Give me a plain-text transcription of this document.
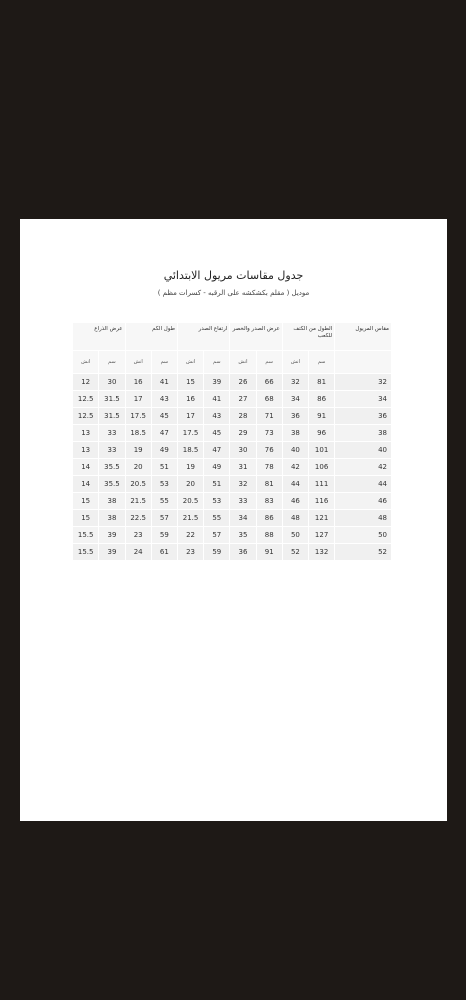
جدول مقاسات مريول الابتدائي
موديل ( مقلم بكشكشه على الرقبه - كسرات مظم )
مقاس المريول	الطول من الكتف للكعب		عرض الصدر والخصر		ارتفاع الصدر		طول الكم		عرض الذراع	
	سم	انش	سم	انش	سم	انش	سم	انش	سم	انش
32	81	32	66	26	39	15	41	16	30	12
34	86	34	68	27	41	16	43	17	31.5	12.5
36	91	36	71	28	43	17	45	17.5	31.5	12.5
38	96	38	73	29	45	17.5	47	18.5	33	13
40	101	40	76	30	47	18.5	49	19	33	13
42	106	42	78	31	49	19	51	20	35.5	14
44	111	44	81	32	51	20	53	20.5	35.5	14
46	116	46	83	33	53	20.5	55	21.5	38	15
48	121	48	86	34	55	21.5	57	22.5	38	15
50	127	50	88	35	57	22	59	23	39	15.5
52	132	52	91	36	59	23	61	24	39	15.5
